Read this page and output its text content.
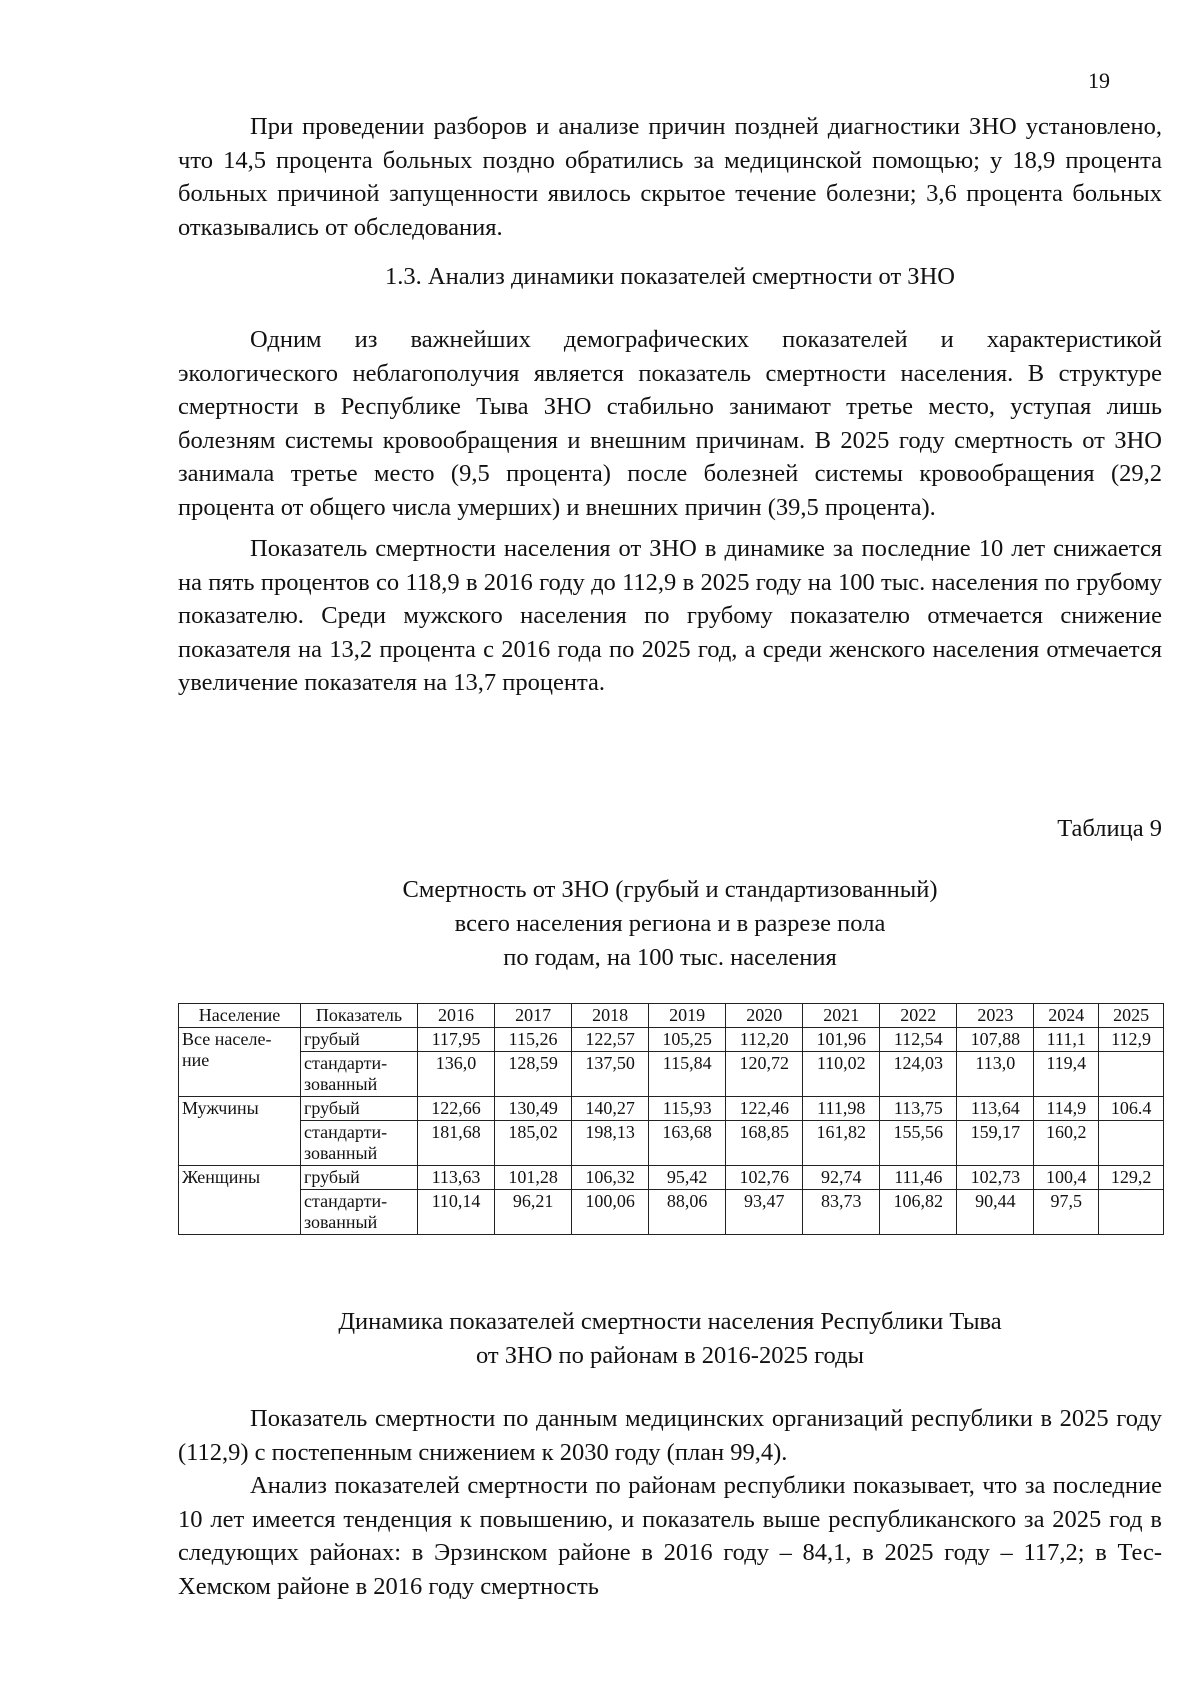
19

При проведении разборов и анализе причин поздней диагностики ЗНО установлено, что 14,5 процента больных поздно обратились за медицинской помощью; у 18,9 процента больных причиной запущенности явилось скрытое течение болезни; 3,6 процента больных отказывались от обследования.

1.3. Анализ динамики показателей смертности от ЗНО

Одним из важнейших демографических показателей и характеристикой экологического неблагополучия является показатель смертности населения. В структуре смертности в Республике Тыва ЗНО стабильно занимают третье место, уступая лишь болезням системы кровообращения и внешним причинам. В 2025 году смертность от ЗНО занимала третье место (9,5 процента) после болезней системы кровообращения (29,2 процента от общего числа умерших) и внешних причин (39,5 процента).

Показатель смертности населения от ЗНО в динамике за последние 10 лет снижается на пять процентов со 118,9 в 2016 году до 112,9 в 2025 году на 100 тыс. населения по грубому показателю. Среди мужского населения по грубому показателю отмечается снижение показателя на 13,2 процента с 2016 года по 2025 год, а среди женского населения отмечается увеличение показателя на 13,7 процента.

Таблица 9
Смертность от ЗНО (грубый и стандартизованный)
всего населения региона и в разрезе пола
по годам, на 100 тыс. населения
Население	Показатель	2016	2017	2018	2019	2020	2021	2022	2023	2024	2025
Все населе-ние	грубый	117,95	115,26	122,57	105,25	112,20	101,96	112,54	107,88	111,1	112,9
	стандарти-зованный	136,0	128,59	137,50	115,84	120,72	110,02	124,03	113,0	119,4	
Мужчины	грубый	122,66	130,49	140,27	115,93	122,46	111,98	113,75	113,64	114,9	106.4
	стандарти-зованный	181,68	185,02	198,13	163,68	168,85	161,82	155,56	159,17	160,2	
Женщины	грубый	113,63	101,28	106,32	95,42	102,76	92,74	111,46	102,73	100,4	129,2
	стандарти-зованный	110,14	96,21	100,06	88,06	93,47	83,73	106,82	90,44	97,5	
Динамика показателей смертности населения Республики Тыва
от ЗНО по районам в 2016-2025 годы

Показатель смертности по данным медицинских организаций республики в 2025 году (112,9) с постепенным снижением к 2030 году (план 99,4).

Анализ показателей смертности по районам республики показывает, что за последние 10 лет имеется тенденция к повышению, и показатель выше республиканского за 2025 год в следующих районах: в Эрзинском районе в 2016 году – 84,1, в 2025 году – 117,2; в Тес-Хемском районе в 2016 году смертность
